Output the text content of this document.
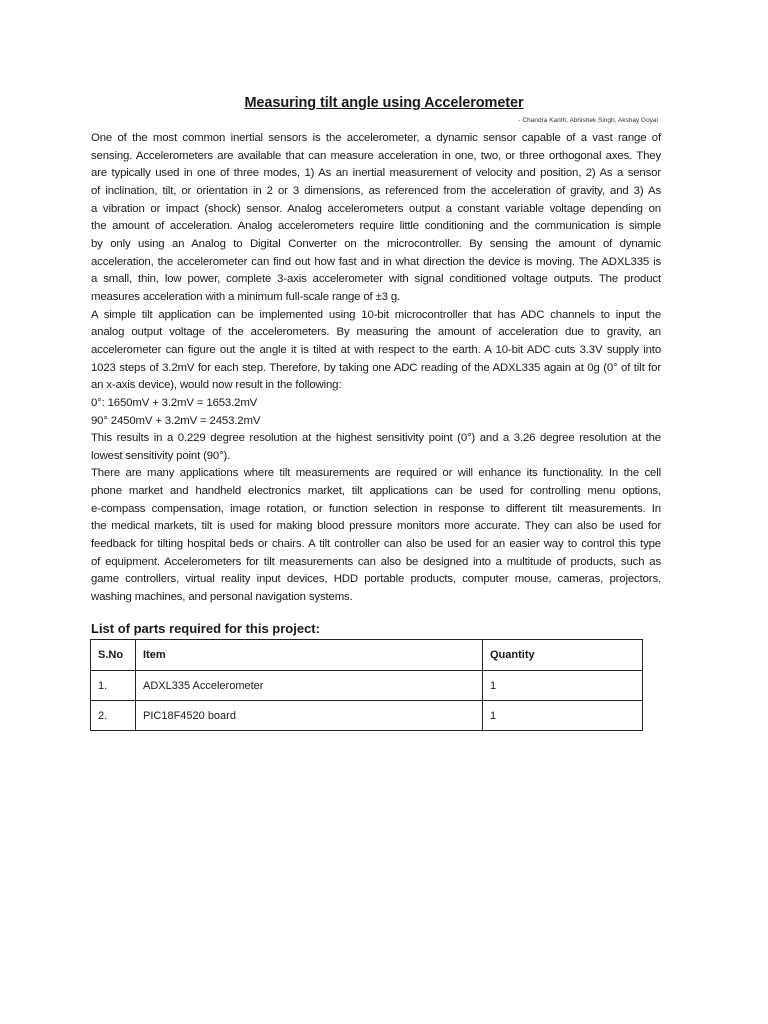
Measuring tilt angle using Accelerometer
- Chandra Kanth, Abhishek Singh, Akshay Goyal
One of the most common inertial sensors is the accelerometer, a dynamic sensor capable of a vast range of
sensing. Accelerometers are available that can measure acceleration in one, two, or three orthogonal axes. They
are typically used in one of three modes, 1) As an inertial measurement of velocity and position, 2) As a sensor
of inclination, tilt, or orientation in 2 or 3 dimensions, as referenced from the acceleration of gravity, and 3) As
a vibration or impact (shock) sensor. Analog accelerometers output a constant variable voltage depending on
the amount of acceleration. Analog accelerometers require little conditioning and the communication is simple
by only using an Analog to Digital Converter on the microcontroller. By sensing the amount of dynamic
acceleration, the accelerometer can find out how fast and in what direction the device is moving. The ADXL335 is
a small, thin, low power, complete 3-axis accelerometer with signal conditioned voltage outputs. The product
measures acceleration with a minimum full-scale range of ±3 g.
A simple tilt application can be implemented using 10-bit microcontroller that has ADC channels to input the
analog output voltage of the accelerometers. By measuring the amount of acceleration due to gravity, an
accelerometer can figure out the angle it is tilted at with respect to the earth. A 10-bit ADC cuts 3.3V supply into
1023 steps of 3.2mV for each step. Therefore, by taking one ADC reading of the ADXL335 again at 0g (0° of tilt for
an x-axis device), would now result in the following:
0°: 1650mV + 3.2mV = 1653.2mV
90° 2450mV + 3.2mV = 2453.2mV
This results in a 0.229 degree resolution at the highest sensitivity point (0°) and a 3.26 degree resolution at the
lowest sensitivity point (90°).
There are many applications where tilt measurements are required or will enhance its functionality. In the cell
phone market and handheld electronics market, tilt applications can be used for controlling menu options,
e-compass compensation, image rotation, or function selection in response to different tilt measurements. In
the medical markets, tilt is used for making blood pressure monitors more accurate. They can also be used for
feedback for tilting hospital beds or chairs. A tilt controller can also be used for an easier way to control this type
of equipment. Accelerometers for tilt measurements can also be designed into a multitude of products, such as
game controllers, virtual reality input devices, HDD portable products, computer mouse, cameras, projectors,
washing machines, and personal navigation systems.
List of parts required for this project:
S.No	Item	Quantity
1.	ADXL335 Accelerometer	1
2.	PIC18F4520 board	1
